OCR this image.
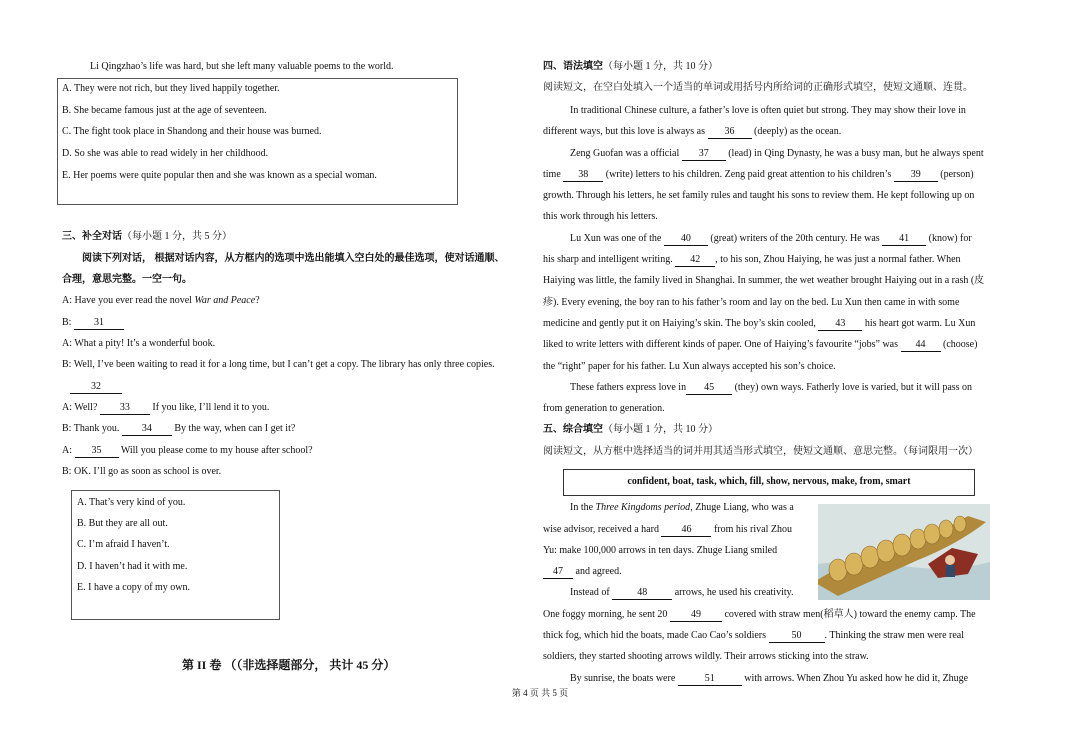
Li Qingzhao’s life was hard, but she left many valuable poems to the world.
A. They were not rich, but they lived happily together.
B. She became famous just at the age of seventeen.
C. The fight took place in Shandong and their house was burned.
D. So she was able to read widely in her childhood.
E. Her poems were quite popular then and she was known as a special woman.
三、补全对话（每小题 1 分，共 5 分）
阅读下列对话， 根据对话内容，从方框内的选项中选出能填入空白处的最佳选项，使对话通顺、
合理，意思完整。一空一句。
A: Have you ever read the novel War and Peace?
B: 31
A: What a pity! It’s a wonderful book.
B: Well, I’ve been waiting to read it for a long time, but I can’t get a copy. The library has only three copies.
32
A: Well? 33 If you like, I’ll lend it to you.
B: Thank you. 34 By the way, when can I get it?
A: 35 Will you please come to my house after school?
B: OK. I’ll go as soon as school is over.
A. That’s very kind of you.
B. But they are all out.
C. I’m afraid I haven’t.
D. I haven’t had it with me.
E. I have a copy of my own.
第 II 卷 （（非选择题部分， 共计 45 分）
四、语法填空（每小题 1 分，共 10 分）
阅读短文，在空白处填入一个适当的单词或用括号内所给词的正确形式填空，使短文通顺、连贯。
In traditional Chinese culture, a father’s love is often quiet but strong. They may show their love in
different ways, but this love is always as 36 (deeply) as the ocean.
Zeng Guofan was a official 37 (lead) in Qing Dynasty, he was a busy man, but he always spent
time 38 (write) letters to his children. Zeng paid great attention to his children’s 39 (person)
growth. Through his letters, he set family rules and taught his sons to review them. He kept following up on
this work through his letters.
Lu Xun was one of the 40 (great) writers of the 20th century. He was 41 (know) for
his sharp and intelligent writing. 42 , to his son, Zhou Haiying, he was just a normal father. When
Haiying was little, the family lived in Shanghai. In summer, the wet weather brought Haiying out in a rash (皮
疹). Every evening, the boy ran to his father’s room and lay on the bed. Lu Xun then came in with some
medicine and gently put it on Haiying’s skin. The boy’s skin cooled, 43 his heart got warm. Lu Xun
liked to write letters with different kinds of paper. One of Haiying’s favourite “jobs” was 44 (choose)
the “right” paper for his father. Lu Xun always accepted his son’s choice.
These fathers express love in 45 (they) own ways. Fatherly love is varied, but it will pass on
from generation to generation.
五、综合填空（每小题 1 分，共 10 分）
阅读短文，从方框中选择适当的词并用其适当形式填空，使短文通顺、意思完整。（每词限用一次）
confident, boat, task, which, fill, show, nervous, make, from, smart
In the Three Kingdoms period, Zhuge Liang, who was a
wise advisor, received a hard 46 from his rival Zhou
Yu: make 100,000 arrows in ten days. Zhuge Liang smiled
47 and agreed.
Instead of	48	arrows, he used his creativity.
One foggy morning, he sent 20 49 covered with straw men(稻草人) toward the enemy camp. The
thick fog, which hid the boats, made Cao Cao’s soldiers 50 . Thinking the straw men were real
soldiers, they started shooting arrows wildly. Their arrows sticking into the straw.
By sunrise, the boats were	51	with arrows. When Zhou Yu asked how he did it, Zhuge
第 4 页 共 5 页
